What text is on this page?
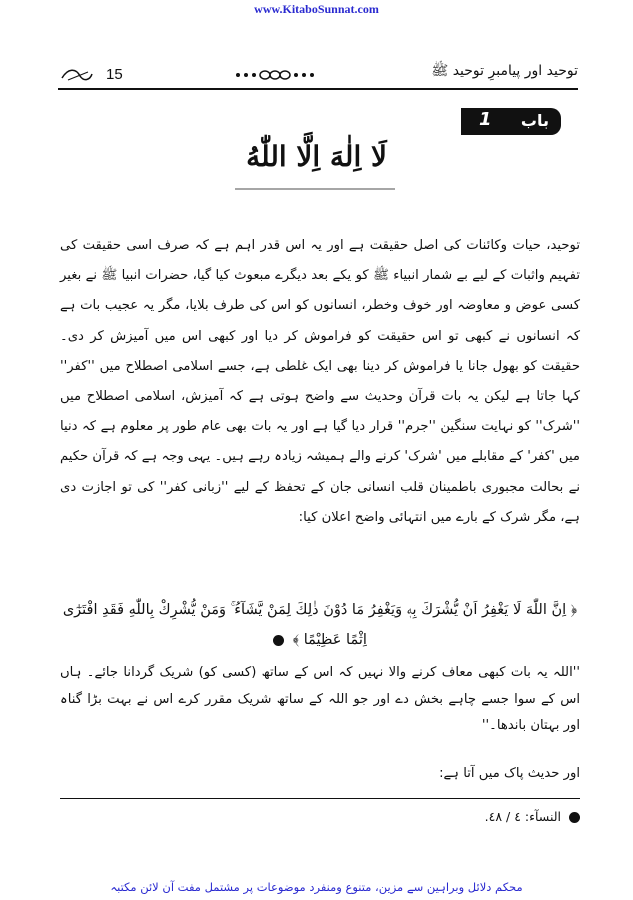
www.KitaboSunnat.com
15	توحید اور پیامبرِ توحید ﷺ
باب
1
لَا اِلٰهَ اِلَّا اللّٰهُ

توحید، حیات وکائنات کی اصل حقیقت ہے اور یہ اس قدر اہم ہے کہ صرف اسی حقیقت کی تفہیم واثبات کے لیے بے شمار انبیاء ﷺ کو یکے بعد دیگرے مبعوث کیا گیا، حضرات انبیا ﷺ نے بغیر کسی عوض و معاوضہ اور خوف وخطر، انسانوں کو اس کی طرف بلایا، مگر یہ عجیب بات ہے کہ انسانوں نے کبھی تو اس حقیقت کو فراموش کر دیا اور کبھی اس میں آمیزش کر دی۔ حقیقت کو بھول جانا یا فراموش کر دینا بھی ایک غلطی ہے، جسے اسلامی اصطلاح میں ''کفر'' کہا جاتا ہے لیکن یہ بات قرآن وحدیث سے واضح ہوتی ہے کہ آمیزش، اسلامی اصطلاح میں ''شرک'' کو نہایت سنگین ''جرم'' قرار دیا گیا ہے اور یہ بات بھی عام طور پر معلوم ہے کہ دنیا میں 'کفر' کے مقابلے میں 'شرک' کرنے والے ہمیشہ زیادہ رہے ہیں۔ یہی وجہ ہے کہ قرآن حکیم نے بحالت مجبوری باطمینان قلب انسانی جان کے تحفظ کے لیے ''زبانی کفر'' کی تو اجازت دی ہے، مگر شرک کے بارے میں انتہائی واضح اعلان کیا:

﴿ اِنَّ اللّٰهَ لَا يَغْفِرُ اَنْ يُّشْرَكَ بِهٖ وَيَغْفِرُ مَا دُوْنَ ذٰلِكَ لِمَنْ يَّشَآءُ ۚ وَمَنْ يُّشْرِكْ بِاللّٰهِ فَقَدِ افْتَرٰٓى اِثْمًا عَظِيْمًا ﴾
''اللہ یہ بات کبھی معاف کرنے والا نہیں کہ اس کے ساتھ (کسی کو) شریک گردانا جائے۔ ہاں اس کے سوا جسے چاہے بخش دے اور جو اللہ کے ساتھ شریک مقرر کرے اس نے بہت بڑا گناہ اور بہتان باندھا۔''
اور حدیث پاک میں آتا ہے:
النسآء: ٤ / ٤٨.
محکم دلائل وبراہین سے مزین، متنوع ومنفرد موضوعات پر مشتمل مفت آن لائن مکتبہ
